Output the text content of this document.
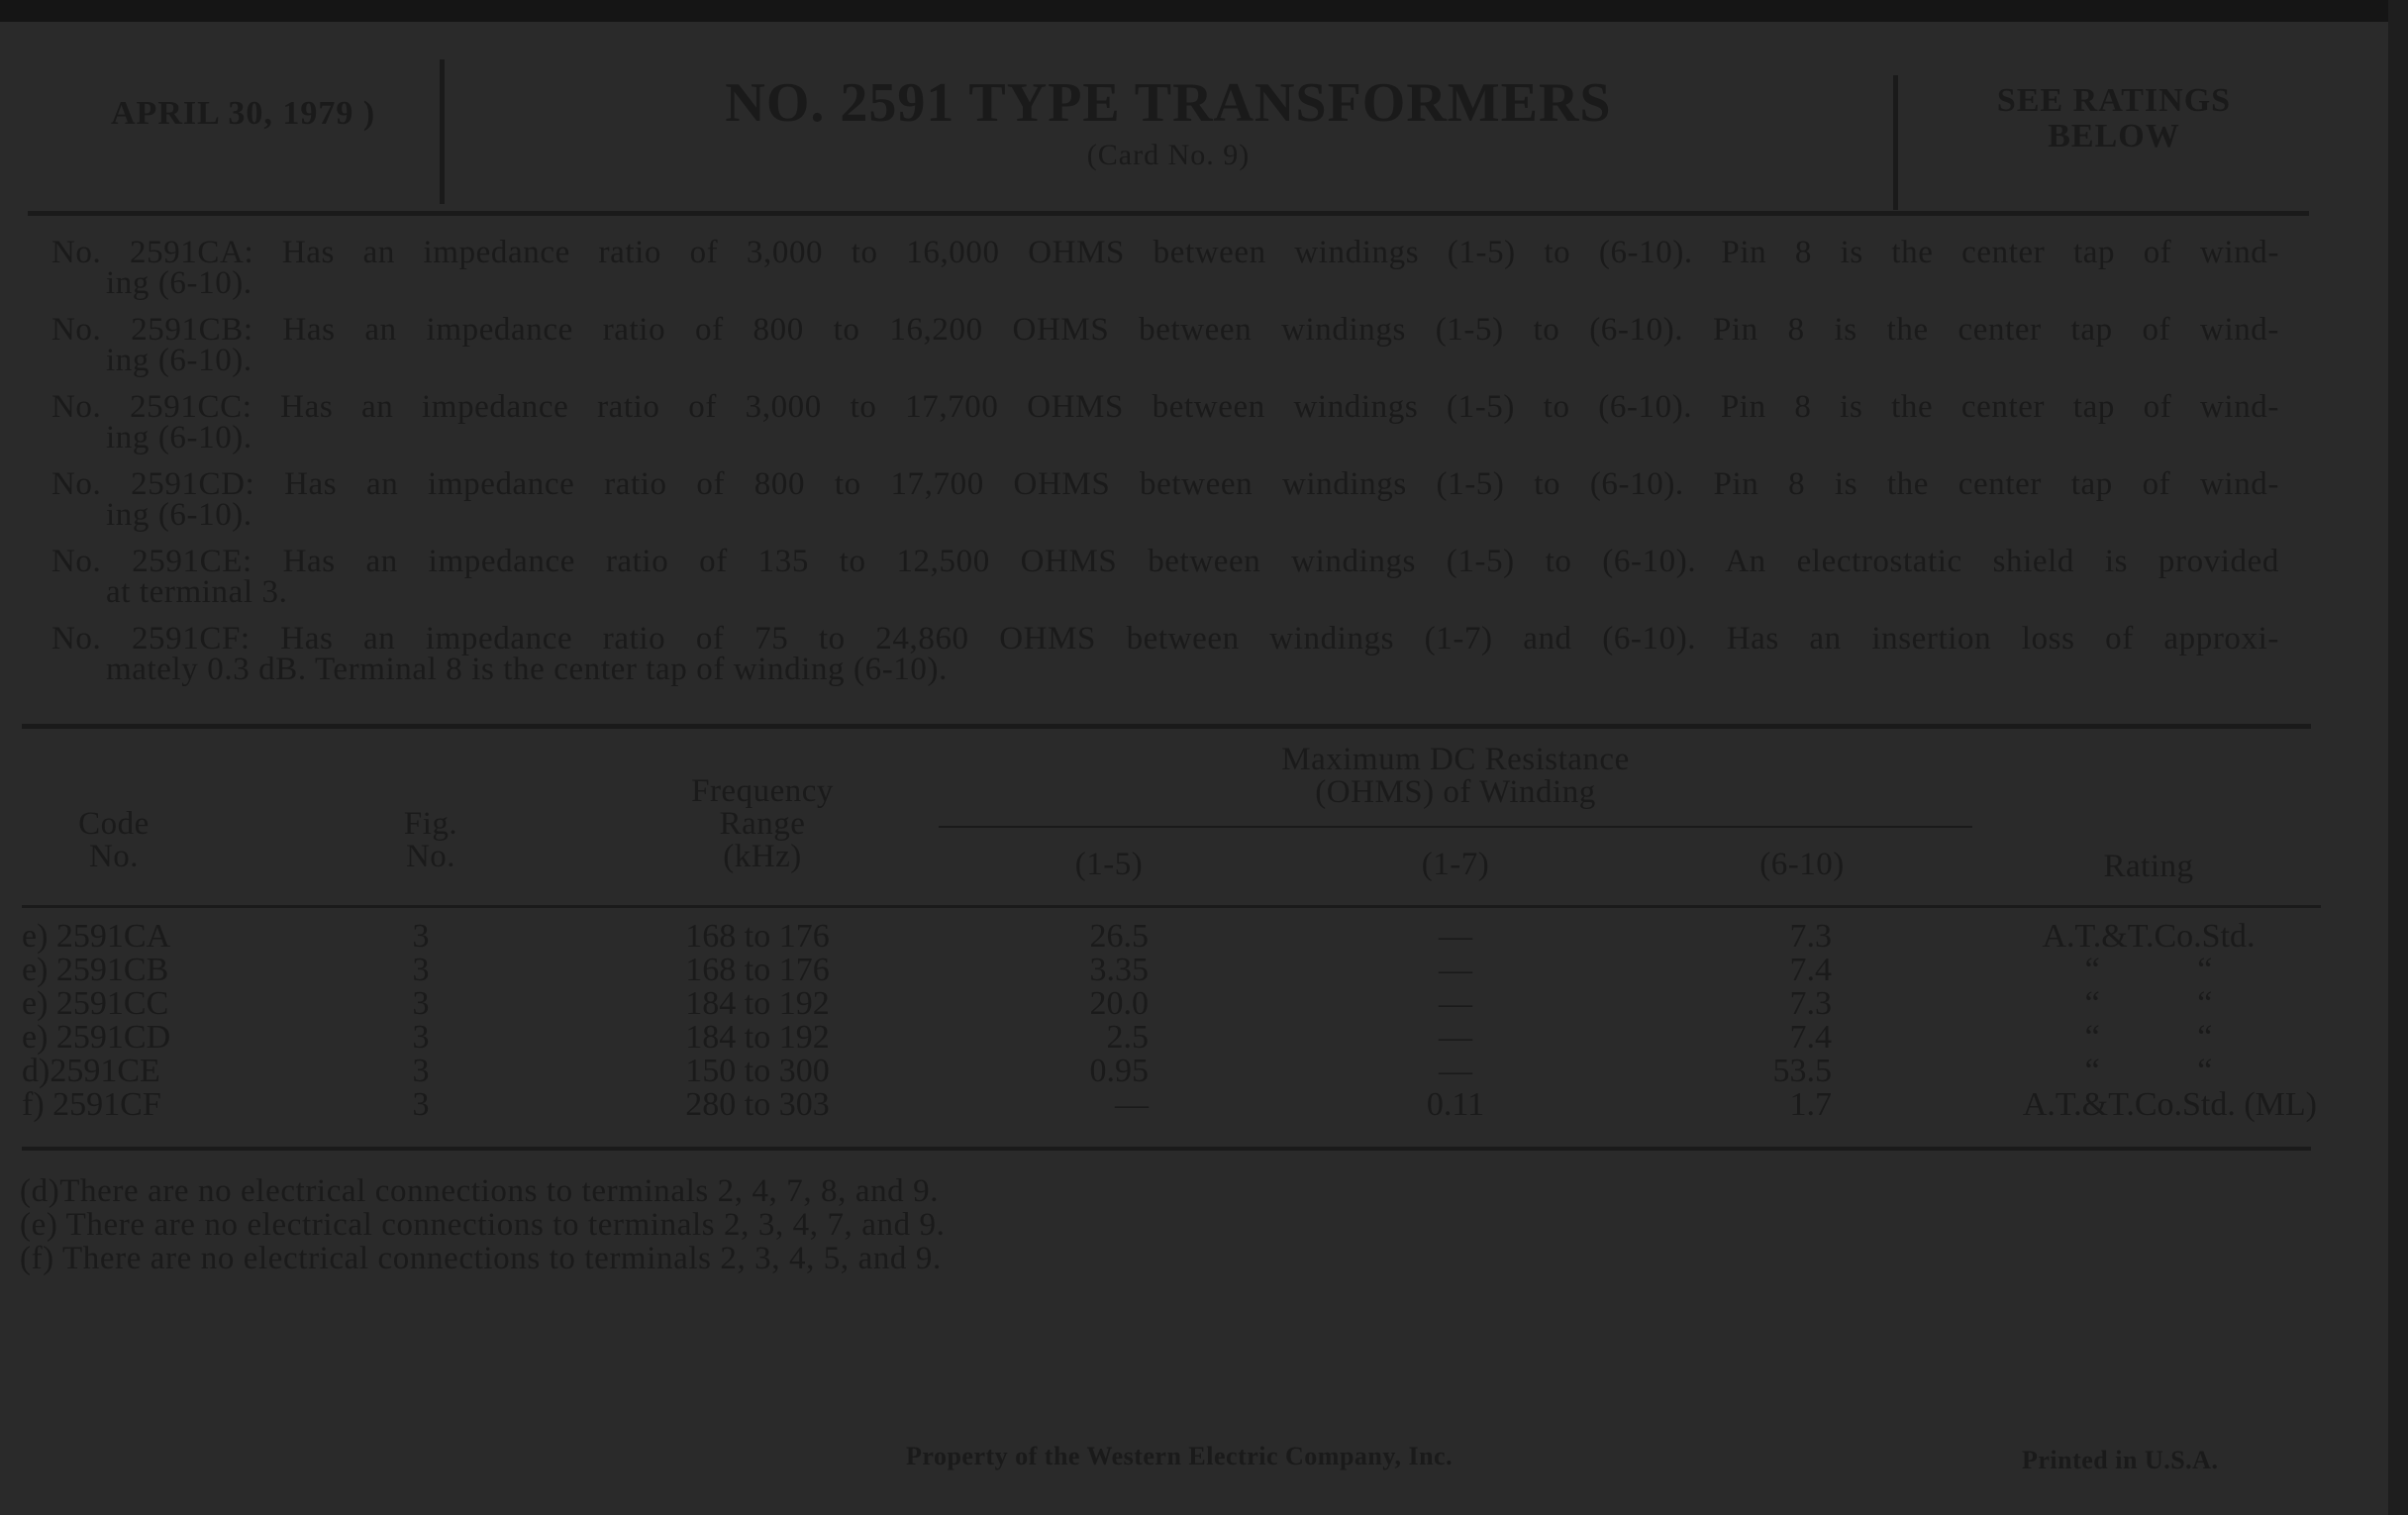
APRIL 30, 1979 )	NO. 2591 TYPE TRANSFORMERS
(Card No. 9)
SEE RATINGS
BELOW
No. 2591CA: Has an impedance ratio of 3,000 to 16,000 OHMS between windings (1-5) to (6-10). Pin 8 is the center tap of wind-
ing (6-10).
No. 2591CB: Has an impedance ratio of 800 to 16,200 OHMS between windings (1-5) to (6-10). Pin 8 is the center tap of wind-
ing (6-10).
No. 2591CC: Has an impedance ratio of 3,000 to 17,700 OHMS between windings (1-5) to (6-10). Pin 8 is the center tap of wind-
ing (6-10).
No. 2591CD: Has an impedance ratio of 800 to 17,700 OHMS between windings (1-5) to (6-10). Pin 8 is the center tap of wind-
ing (6-10).
No. 2591CE: Has an impedance ratio of 135 to 12,500 OHMS between windings (1-5) to (6-10). An electrostatic shield is provided
at terminal 3.
No. 2591CF: Has an impedance ratio of 75 to 24,860 OHMS between windings (1-7) and (6-10). Has an insertion loss of approxi-
mately 0.3 dB. Terminal 8 is the center tap of winding (6-10).
Code
No.
Fig.
No.
Frequency
Range
(kHz)
Maximum DC Resistance
(OHMS) of Winding
(1-5)	(1-7)	(6-10)	Rating
e) 2591CA	3	168 to 176	26.5	—	7.3	A.T.&T.Co.Std.
e) 2591CB	3	168 to 176	3.35	—	7.4	“ “
e) 2591CC	3	184 to 192	20.0	—	7.3	“ “
e) 2591CD	3	184 to 192	2.5	—	7.4	“ “
d)2591CE	3	150 to 300	0.95	—	53.5	“ “
f) 2591CF	3	280 to 303	—	0.11	1.7	A.T.&T.Co.Std. (ML)
(d)There are no electrical connections to terminals 2, 4, 7, 8, and 9.
(e) There are no electrical connections to terminals 2, 3, 4, 7, and 9.
(f) There are no electrical connections to terminals 2, 3, 4, 5, and 9.
Property of the Western Electric Company, Inc.	Printed in U.S.A.
